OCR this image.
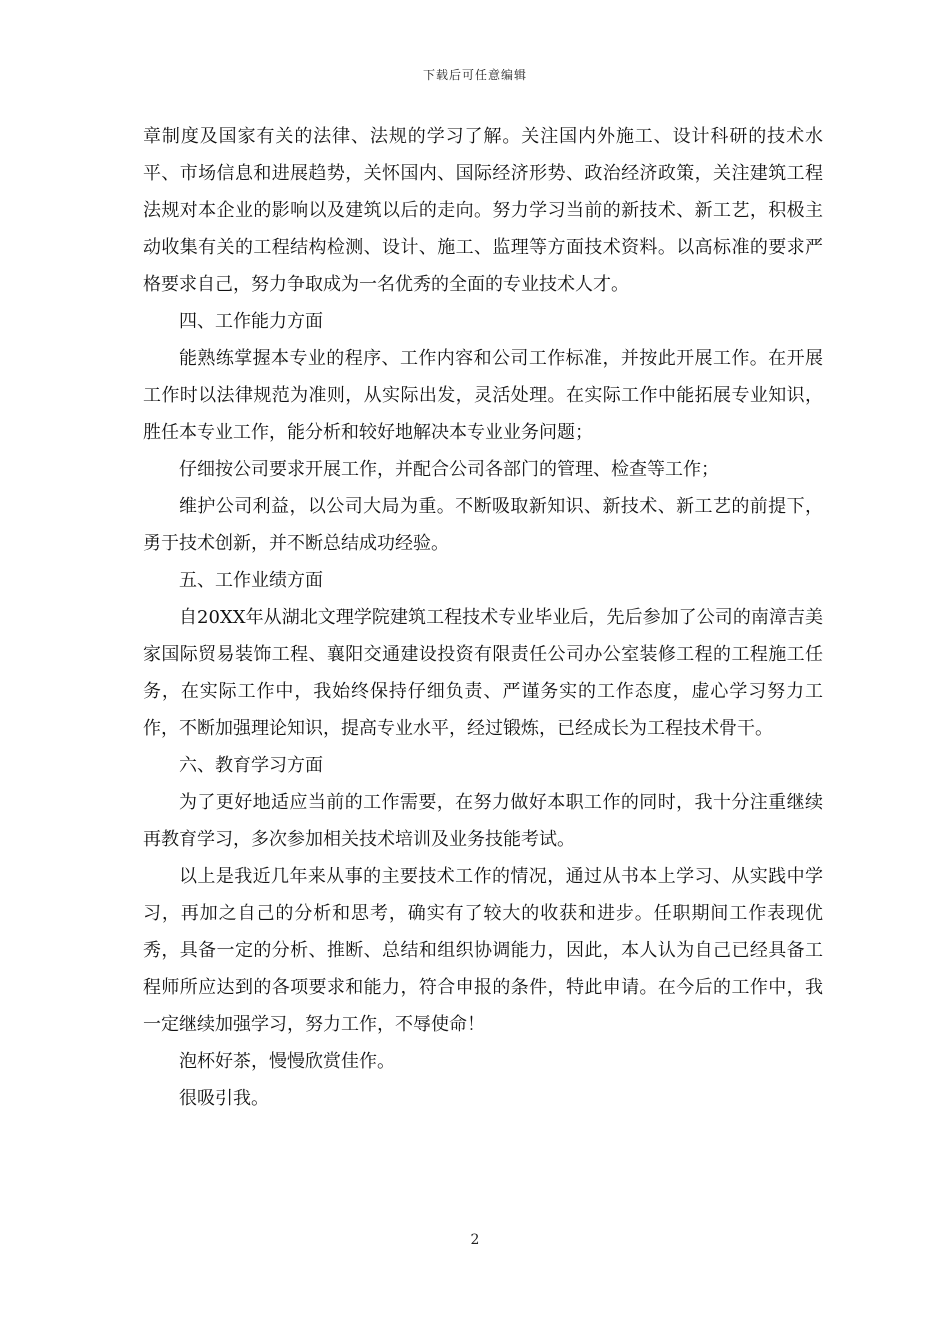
下载后可任意编辑

章制度及国家有关的法律、法规的学习了解。关注国内外施工、设计科研的技术水平、市场信息和进展趋势，关怀国内、国际经济形势、政治经济政策，关注建筑工程法规对本企业的影响以及建筑以后的走向。努力学习当前的新技术、新工艺，积极主动收集有关的工程结构检测、设计、施工、监理等方面技术资料。以高标准的要求严格要求自己，努力争取成为一名优秀的全面的专业技术人才。

四、工作能力方面

能熟练掌握本专业的程序、工作内容和公司工作标准，并按此开展工作。在开展工作时以法律规范为准则，从实际出发，灵活处理。在实际工作中能拓展专业知识，胜任本专业工作，能分析和较好地解决本专业业务问题；

仔细按公司要求开展工作，并配合公司各部门的管理、检查等工作；

维护公司利益，以公司大局为重。不断吸取新知识、新技术、新工艺的前提下，勇于技术创新，并不断总结成功经验。

五、工作业绩方面

自20XX年从湖北文理学院建筑工程技术专业毕业后，先后参加了公司的南漳吉美家国际贸易装饰工程、襄阳交通建设投资有限责任公司办公室装修工程的工程施工任务，在实际工作中，我始终保持仔细负责、严谨务实的工作态度，虚心学习努力工作，不断加强理论知识，提高专业水平，经过锻炼，已经成长为工程技术骨干。

六、教育学习方面

为了更好地适应当前的工作需要，在努力做好本职工作的同时，我十分注重继续再教育学习，多次参加相关技术培训及业务技能考试。

以上是我近几年来从事的主要技术工作的情况，通过从书本上学习、从实践中学习，再加之自己的分析和思考，确实有了较大的收获和进步。任职期间工作表现优秀，具备一定的分析、推断、总结和组织协调能力，因此，本人认为自己已经具备工程师所应达到的各项要求和能力，符合申报的条件，特此申请。在今后的工作中，我一定继续加强学习，努力工作，不辱使命！

泡杯好茶，慢慢欣赏佳作。

很吸引我。

2
